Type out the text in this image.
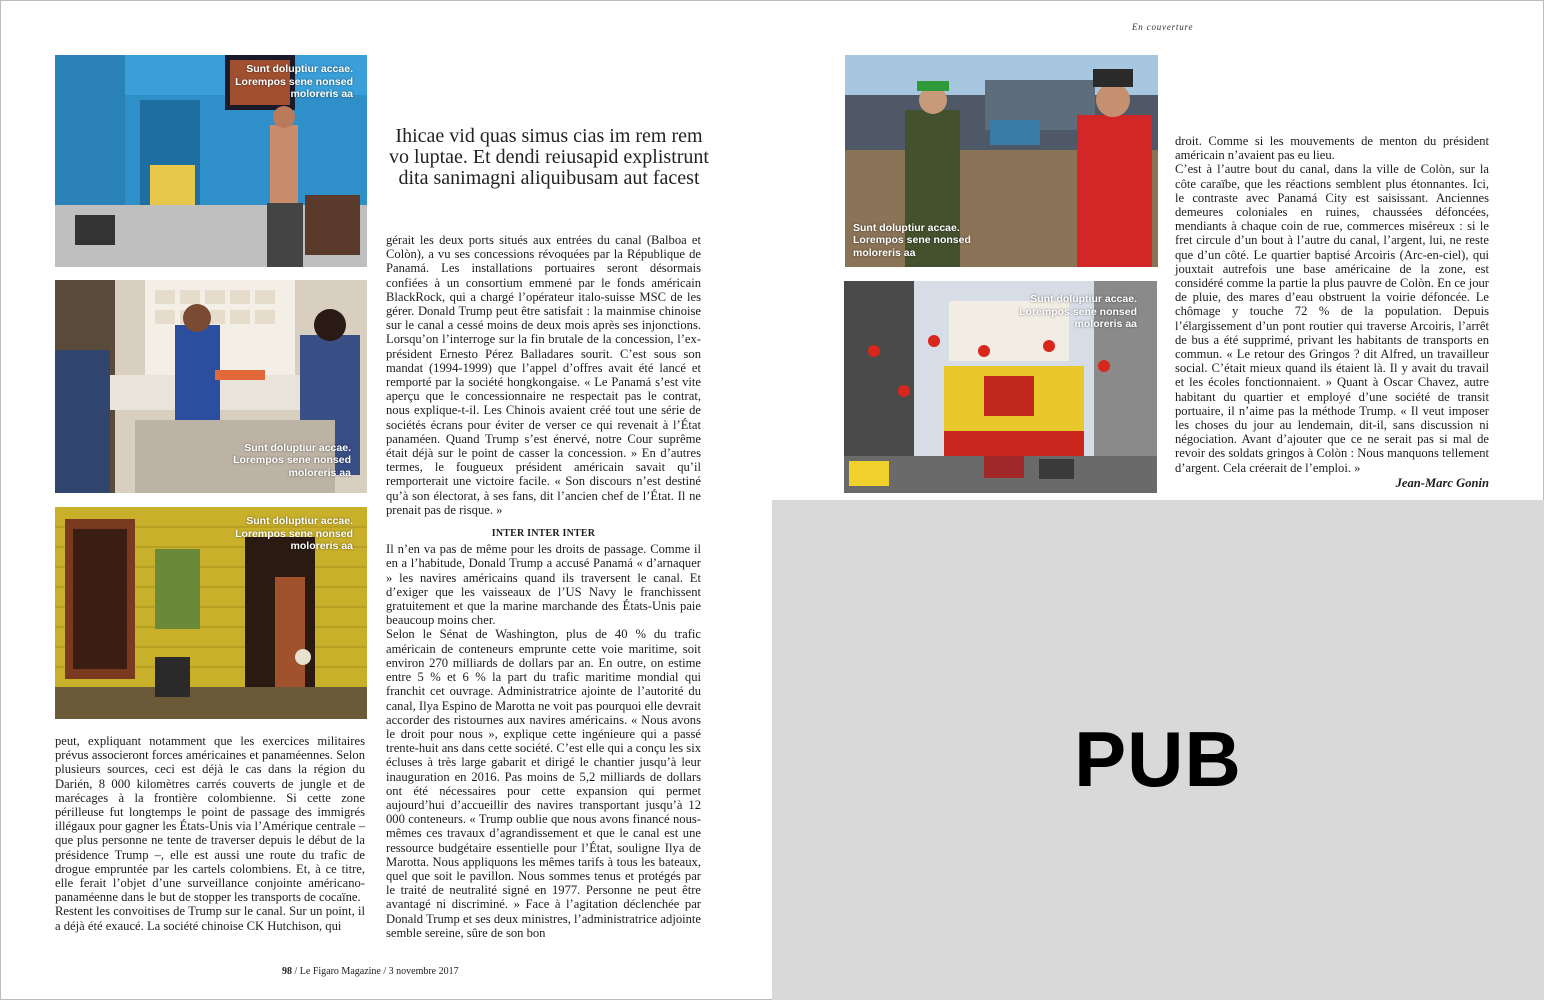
En couverture
Sunt doluptiur accae.
Lorempos sene nonsed
moloreris aa
Sunt doluptiur accae.
Lorempos sene nonsed
moloreris aa
Sunt doluptiur accae.
Lorempos sene nonsed
moloreris aa
Sunt doluptiur accae.
Lorempos sene nonsed
moloreris aa
Sunt doluptiur accae.
Lorempos sene nonsed
moloreris aa
Ihicae vid quas simus cias im rem rem vo luptae. Et dendi reiusapid explistrunt dita sanimagni aliquibusam aut facest

peut, expliquant notamment que les exercices militaires prévus associeront forces américaines et panaméennes. Selon plusieurs sources, ceci est déjà le cas dans la région du Darién, 8 000 kilomètres carrés couverts de jungle et de marécages à la frontière colombienne. Si cette zone périlleuse fut longtemps le point de passage des immigrés illégaux pour gagner les États-Unis via l’Amérique centrale – que plus personne ne tente de traverser depuis le début de la présidence Trump –, elle est aussi une route du trafic de drogue empruntée par les cartels colombiens. Et, à ce titre, elle ferait l’objet d’une surveillance conjointe américano-panaméenne dans le but de stopper les transports de cocaïne.

Restent les convoitises de Trump sur le canal. Sur un point, il a déjà été exaucé. La société chinoise CK Hutchison, qui

gérait les deux ports situés aux entrées du canal (Balboa et Colòn), a vu ses concessions révoquées par la République de Panamá. Les installations portuaires seront désormais confiées à un consortium emmené par le fonds américain BlackRock, qui a chargé l’opérateur italo-suisse MSC de les gérer. Donald Trump peut être satisfait : la mainmise chinoise sur le canal a cessé moins de deux mois après ses injonctions. Lorsqu’on l’interroge sur la fin brutale de la concession, l’ex-président Ernesto Pérez Balladares sourit. C’est sous son mandat (1994-1999) que l’appel d’offres avait été lancé et remporté par la société hongkongaise. « Le Panamá s’est vite aperçu que le concessionnaire ne respectait pas le contrat, nous explique-t-il. Les Chinois avaient créé tout une série de sociétés écrans pour éviter de verser ce qui revenait à l’État panaméen. Quand Trump s’est énervé, notre Cour suprême était déjà sur le point de casser la concession. » En d’autres termes, le fougueux président américain savait qu’il remporterait une victoire facile. « Son discours n’est destiné qu’à son électorat, à ses fans, dit l’ancien chef de l’État. Il ne prenait pas de risque. »

INTER INTER INTER

Il n’en va pas de même pour les droits de passage. Comme il en a l’habitude, Donald Trump a accusé Panamá « d’arnaquer » les navires américains quand ils traversent le canal. Et d’exiger que les vaisseaux de l’US Navy le franchissent gratuitement et que la marine marchande des États-Unis paie beaucoup moins cher.

Selon le Sénat de Washington, plus de 40 % du trafic américain de conteneurs emprunte cette voie maritime, soit environ 270 milliards de dollars par an. En outre, on estime entre 5 % et 6 % la part du trafic maritime mondial qui franchit cet ouvrage. Administratrice ajointe de l’autorité du canal, Ilya Espino de Marotta ne voit pas pourquoi elle devrait accorder des ristournes aux navires américains. « Nous avons le droit pour nous », explique cette ingénieure qui a passé trente-huit ans dans cette société. C’est elle qui a conçu les six écluses à très large gabarit et dirigé le chantier jusqu’à leur inauguration en 2016. Pas moins de 5,2 milliards de dollars ont été nécessaires pour cette expansion qui permet aujourd’hui d’accueillir des navires transportant jusqu’à 12 000 conteneurs. « Trump oublie que nous avons financé nous-mêmes ces travaux d’agrandissement et que le canal est une ressource budgétaire essentielle pour l’État, souligne Ilya de Marotta. Nous appliquons les mêmes tarifs à tous les bateaux, quel que soit le pavillon. Nous sommes tenus et protégés par le traité de neutralité signé en 1977. Personne ne peut être avantagé ni discriminé. » Face à l’agitation déclenchée par Donald Trump et ses deux ministres, l’administratrice adjointe semble sereine, sûre de son bon

droit. Comme si les mouvements de menton du président américain n’avaient pas eu lieu.

C’est à l’autre bout du canal, dans la ville de Colòn, sur la côte caraïbe, que les réactions semblent plus étonnantes. Ici, le contraste avec Panamá City est saisissant. Anciennes demeures coloniales en ruines, chaussées défoncées, mendiants à chaque coin de rue, commerces miséreux : si le fret circule d’un bout à l’autre du canal, l’argent, lui, ne reste que d’un côté. Le quartier baptisé Arcoiris (Arc-en-ciel), qui jouxtait autrefois une base américaine de la zone, est considéré comme la partie la plus pauvre de Colòn. En ce jour de pluie, des mares d’eau obstruent la voirie défoncée. Le chômage y touche 72 % de la population. Depuis l’élargissement d’un pont routier qui traverse Arcoiris, l’arrêt de bus a été supprimé, privant les habitants de transports en commun. « Le retour des Gringos ? dit Alfred, un travailleur social. C’était mieux quand ils étaient là. Il y avait du travail et les écoles fonctionnaient. » Quant à Oscar Chavez, autre habitant du quartier et employé d’une société de transit portuaire, il n’aime pas la méthode Trump. « Il veut imposer les choses du jour au lendemain, dit-il, sans discussion ni négociation. Avant d’ajouter que ce ne serait pas si mal de revoir des soldats gringos à Colòn : Nous manquons tellement d’argent. Cela créerait de l’emploi. »

Jean-Marc Gonin
98 / Le Figaro Magazine / 3 novembre 2017
PUB
